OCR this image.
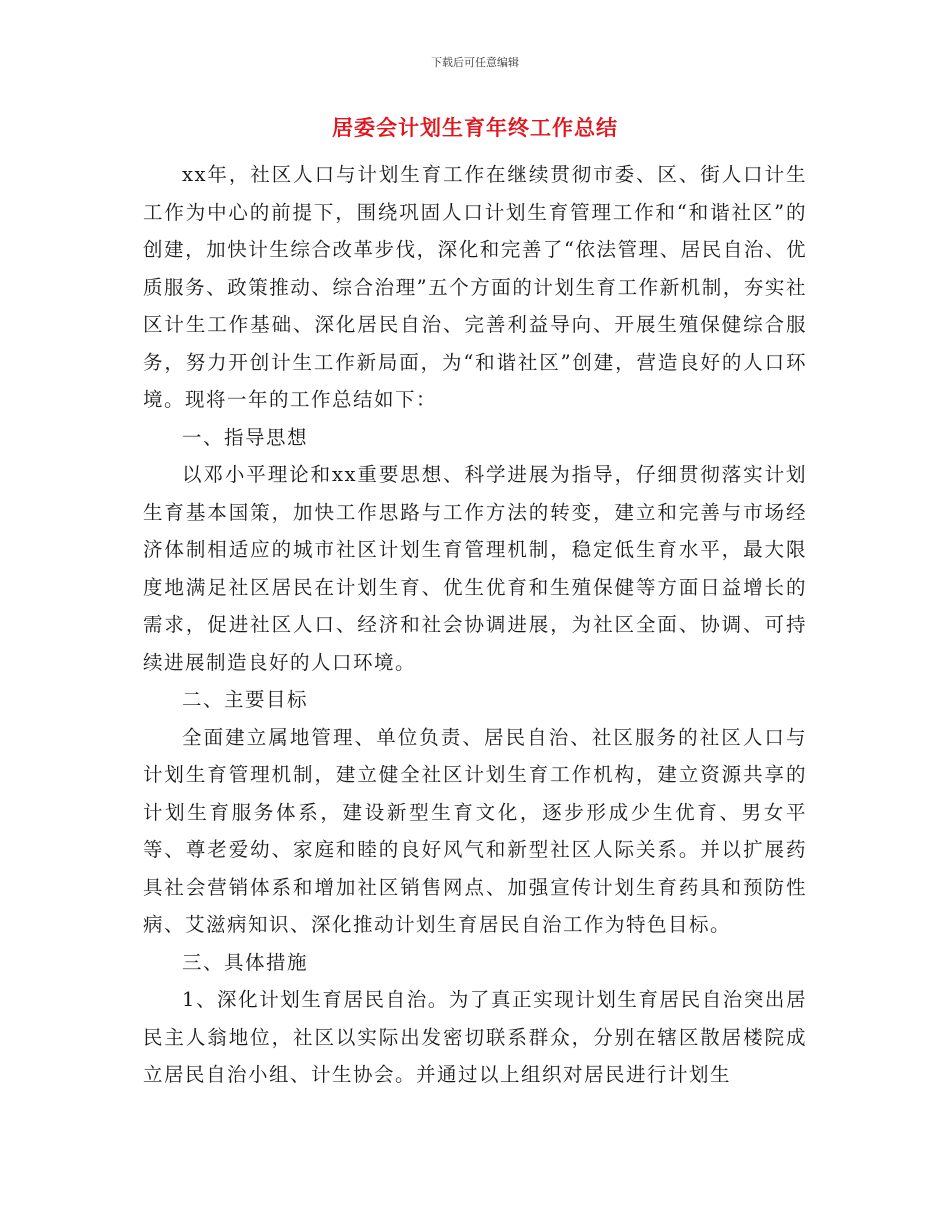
下载后可任意编辑
居委会计划生育年终工作总结

xx年，社区人口与计划生育工作在继续贯彻市委、区、街人口计生工作为中心的前提下，围绕巩固人口计划生育管理工作和“和谐社区”的创建，加快计生综合改革步伐，深化和完善了“依法管理、居民自治、优质服务、政策推动、综合治理”五个方面的计划生育工作新机制，夯实社区计生工作基础、深化居民自治、完善利益导向、开展生殖保健综合服务，努力开创计生工作新局面，为“和谐社区”创建，营造良好的人口环境。现将一年的工作总结如下：

一、指导思想

以邓小平理论和xx重要思想、科学进展为指导，仔细贯彻落实计划生育基本国策，加快工作思路与工作方法的转变，建立和完善与市场经济体制相适应的城市社区计划生育管理机制，稳定低生育水平，最大限度地满足社区居民在计划生育、优生优育和生殖保健等方面日益增长的需求，促进社区人口、经济和社会协调进展，为社区全面、协调、可持续进展制造良好的人口环境。

二、主要目标

全面建立属地管理、单位负责、居民自治、社区服务的社区人口与计划生育管理机制，建立健全社区计划生育工作机构，建立资源共享的计划生育服务体系，建设新型生育文化，逐步形成少生优育、男女平等、尊老爱幼、家庭和睦的良好风气和新型社区人际关系。并以扩展药具社会营销体系和增加社区销售网点、加强宣传计划生育药具和预防性病、艾滋病知识、深化推动计划生育居民自治工作为特色目标。

三、具体措施

1、深化计划生育居民自治。为了真正实现计划生育居民自治突出居民主人翁地位，社区以实际出发密切联系群众，分别在辖区散居楼院成立居民自治小组、计生协会。并通过以上组织对居民进行计划生
